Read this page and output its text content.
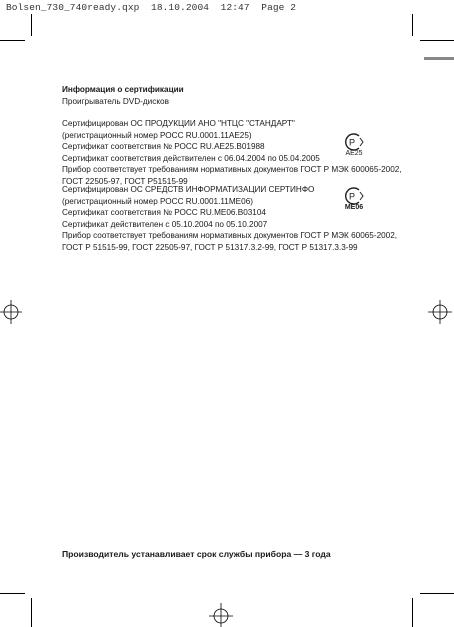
Bolsen_730_740ready.qxp 18.10.2004 12:47 Page 2
Информация о сертификации
Проигрыватель DVD-дисков
Сертифицирован ОС ПРОДУКЦИИ АНО "НТЦС "СТАНДАРТ"
(регистрационный номер РОСС RU.0001.11АЕ25)
Сертификат соответствия № РОСС RU.AE25.B01988
Сертификат соответствия действителен с 06.04.2004 по 05.04.2005
Прибор соответствует требованиям нормативных документов ГОСТ Р МЭК 600065-2002,
ГОСТ 22505-97, ГОСТ Р51515-99
Р
АЕ25
Сертифицирован ОС СРЕДСТВ ИНФОРМАТИЗАЦИИ СЕРТИНФО
(регистрационный номер РОСС RU.0001.11МЕ06)
Сертификат соответствия № РОСС RU.ME06.B03104
Сертификат действителен с 05.10.2004 по 05.10.2007
Прибор соответствует требованиям нормативных документов ГОСТ Р МЭК 60065-2002,
ГОСТ Р 51515-99, ГОСТ 22505-97, ГОСТ Р 51317.3.2-99, ГОСТ Р 51317.3.3-99
Р
ME06
Производитель устанавливает срок службы прибора — 3 года
